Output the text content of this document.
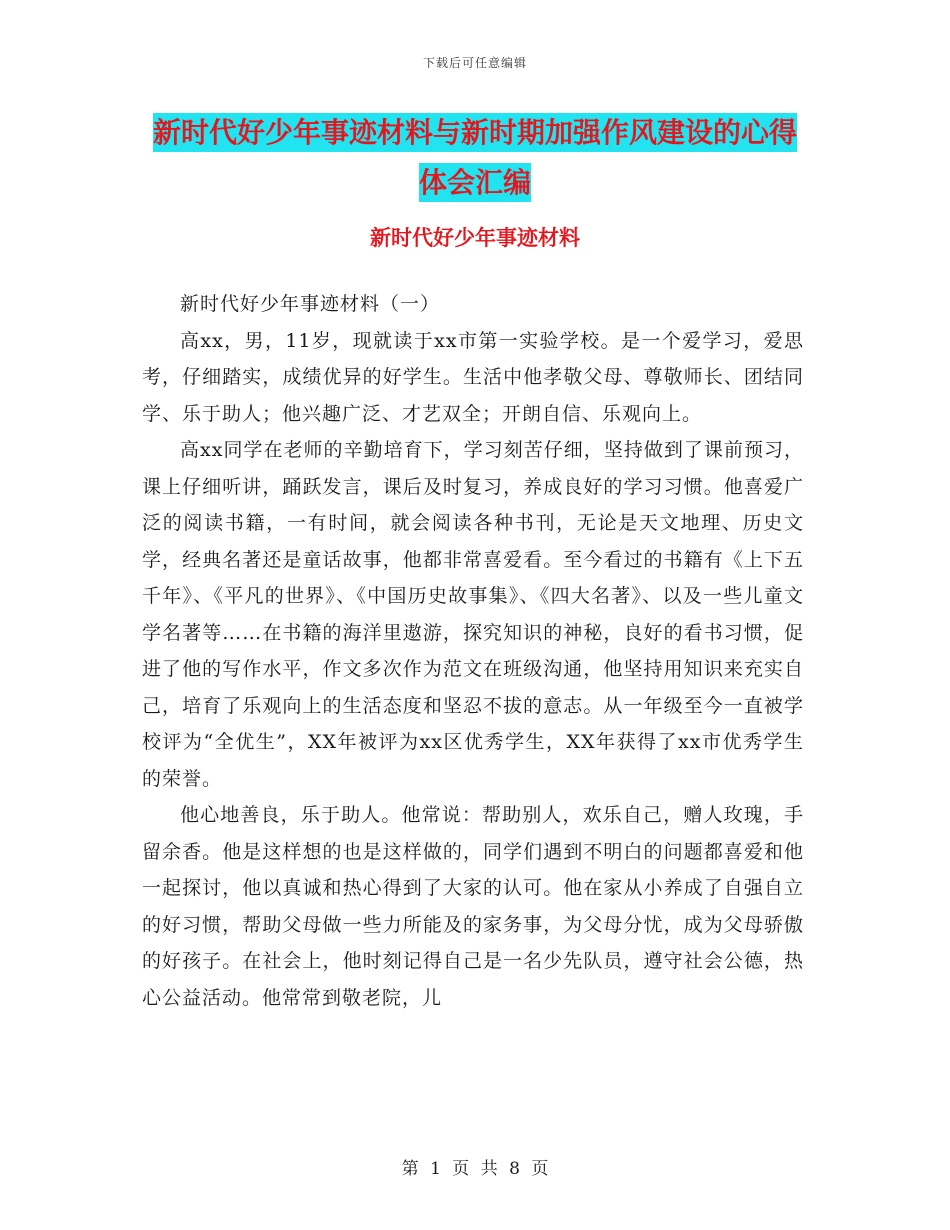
下载后可任意编辑
新时代好少年事迹材料与新时期加强作风建设的心得
体会汇编
新时代好少年事迹材料

新时代好少年事迹材料（一）

高xx，男，11岁，现就读于xx市第一实验学校。是一个爱学习，爱思考，仔细踏实，成绩优异的好学生。生活中他孝敬父母、尊敬师长、团结同学、乐于助人；他兴趣广泛、才艺双全；开朗自信、乐观向上。

高xx同学在老师的辛勤培育下，学习刻苦仔细，坚持做到了课前预习，课上仔细听讲，踊跃发言，课后及时复习，养成良好的学习习惯。他喜爱广泛的阅读书籍，一有时间，就会阅读各种书刊，无论是天文地理、历史文学，经典名著还是童话故事，他都非常喜爱看。至今看过的书籍有《上下五千年》、《平凡的世界》、《中国历史故事集》、《四大名著》、以及一些儿童文学名著等……在书籍的海洋里遨游，探究知识的神秘，良好的看书习惯，促进了他的写作水平，作文多次作为范文在班级沟通，他坚持用知识来充实自己，培育了乐观向上的生活态度和坚忍不拔的意志。从一年级至今一直被学校评为“全优生”，XX年被评为xx区优秀学生，XX年获得了xx市优秀学生的荣誉。

他心地善良，乐于助人。他常说：帮助别人，欢乐自己，赠人玫瑰，手留余香。他是这样想的也是这样做的，同学们遇到不明白的问题都喜爱和他一起探讨，他以真诚和热心得到了大家的认可。他在家从小养成了自强自立的好习惯，帮助父母做一些力所能及的家务事，为父母分忧，成为父母骄傲的好孩子。在社会上，他时刻记得自己是一名少先队员，遵守社会公德，热心公益活动。他常常到敬老院，儿

第 1 页 共 8 页
